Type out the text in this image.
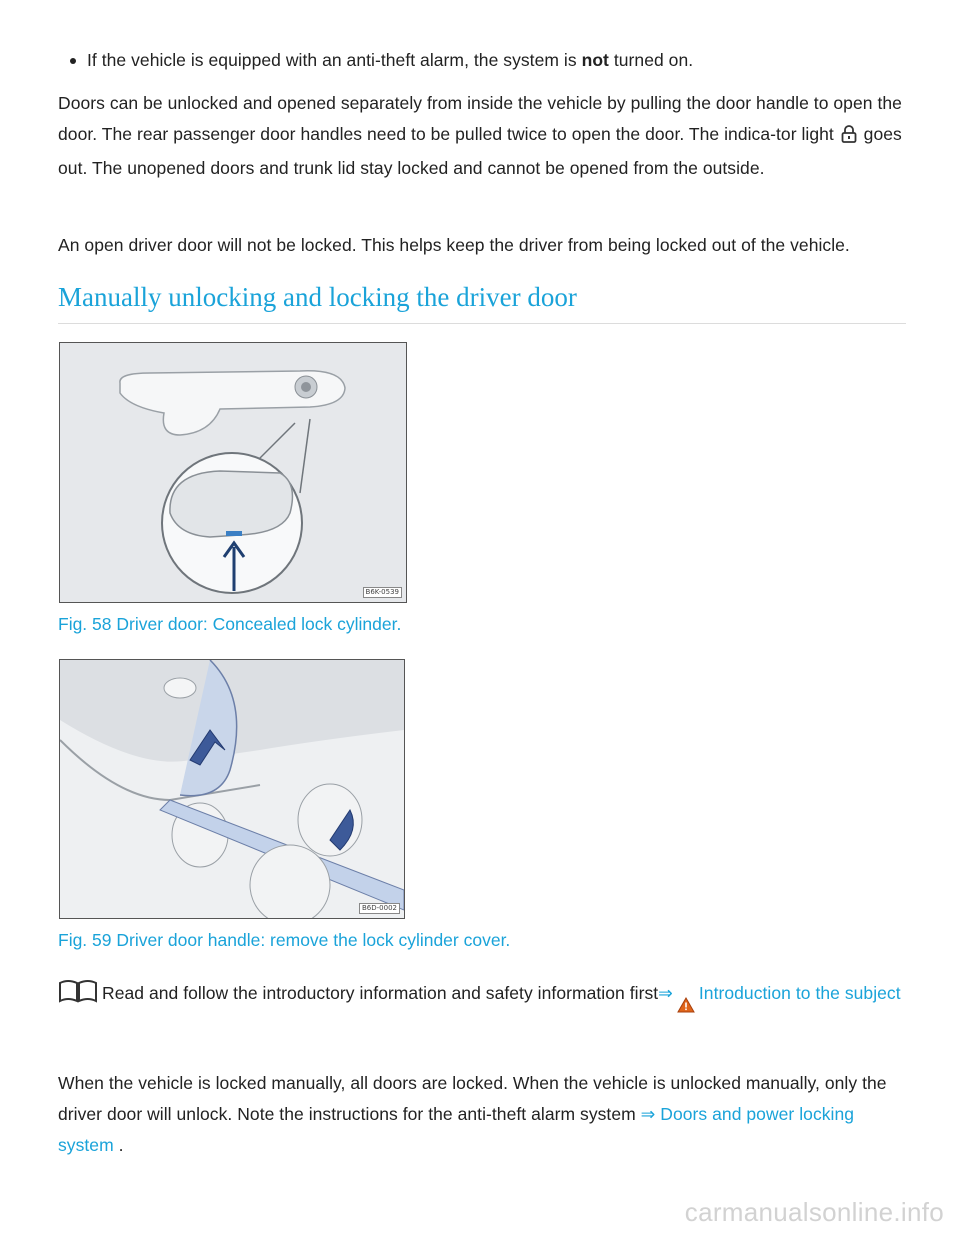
If the vehicle is equipped with an anti-theft alarm, the system is not turned on.

Doors can be unlocked and opened separately from inside the vehicle by pulling the door handle to open the door. The rear passenger door handles need to be pulled twice to open the door. The indica-tor light  goes out. The unopened doors and trunk lid stay locked and cannot be opened from the outside.

An open driver door will not be locked. This helps keep the driver from being locked out of the vehicle.

Manually unlocking and locking the driver door
B6K-0539
Fig. 58 Driver door: Concealed lock cylinder.
B6D-0002
Fig. 59 Driver door handle: remove the lock cylinder cover.

Read and follow the introductory information and safety information first⇒ Introduction to the subject

When the vehicle is locked manually, all doors are locked. When the vehicle is unlocked manually, only the driver door will unlock. Note the instructions for the anti-theft alarm system ⇒ Doors and power locking system .

carmanualsonline.info
